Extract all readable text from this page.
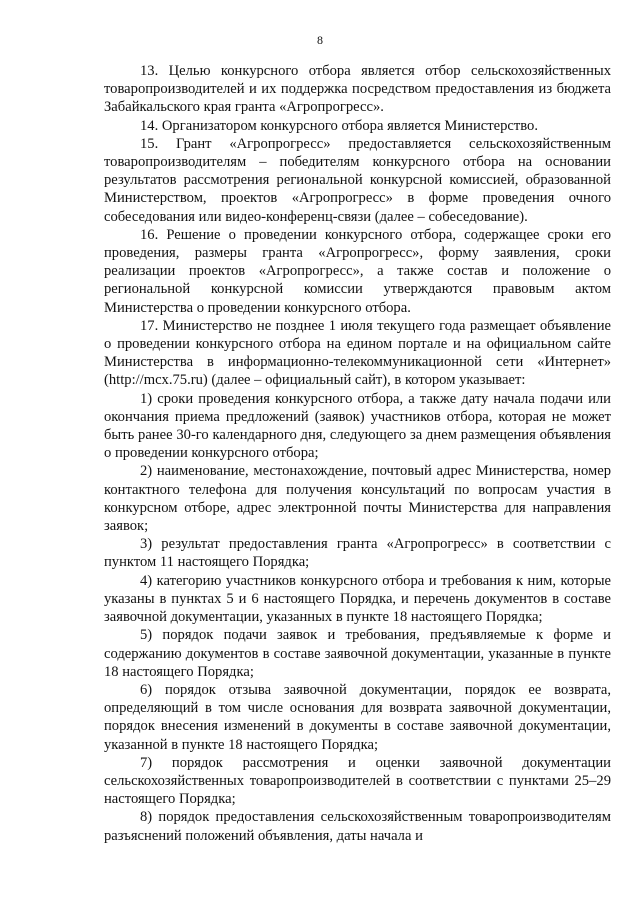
8

13. Целью конкурсного отбора является отбор сельскохозяйственных товаропроизводителей и их поддержка посредством предоставления из бюджета Забайкальского края гранта «Агропрогресс».

14. Организатором конкурсного отбора является Министерство.

15. Грант «Агропрогресс» предоставляется сельскохозяйственным товаропроизводителям – победителям конкурсного отбора на основании результатов рассмотрения региональной конкурсной комиссией, образованной Министерством, проектов «Агропрогресс» в форме проведения очного собеседования или видео-конференц-связи (далее – собеседование).

16. Решение о проведении конкурсного отбора, содержащее сроки его проведения, размеры гранта «Агропрогресс», форму заявления, сроки реализации проектов «Агропрогресс», а также состав и положение о региональной конкурсной комиссии утверждаются правовым актом Министерства о проведении конкурсного отбора.

17. Министерство не позднее 1 июля текущего года размещает объявление о проведении конкурсного отбора на едином портале и на официальном сайте Министерства в информационно-телекоммуникационной сети «Интернет» (http://mcx.75.ru) (далее – официальный сайт), в котором указывает:

1) сроки проведения конкурсного отбора, а также дату начала подачи или окончания приема предложений (заявок) участников отбора, которая не может быть ранее 30-го календарного дня, следующего за днем размещения объявления о проведении конкурсного отбора;

2) наименование, местонахождение, почтовый адрес Министерства, номер контактного телефона для получения консультаций по вопросам участия в конкурсном отборе, адрес электронной почты Министерства для направления заявок;

3) результат предоставления гранта «Агропрогресс» в соответствии с пунктом 11 настоящего Порядка;

4) категорию участников конкурсного отбора и требования к ним, которые указаны в пунктах 5 и 6 настоящего Порядка, и перечень документов в составе заявочной документации, указанных в пункте 18 настоящего Порядка;

5) порядок подачи заявок и требования, предъявляемые к форме и содержанию документов в составе заявочной документации, указанные в пункте 18 настоящего Порядка;

6) порядок отзыва заявочной документации, порядок ее возврата, определяющий в том числе основания для возврата заявочной документации, порядок внесения изменений в документы в составе заявочной документации, указанной в пункте 18 настоящего Порядка;

7) порядок рассмотрения и оценки заявочной документации сельскохозяйственных товаропроизводителей в соответствии с пунктами 25–29 настоящего Порядка;

8) порядок предоставления сельскохозяйственным товаропроизводителям разъяснений положений объявления, даты начала и
